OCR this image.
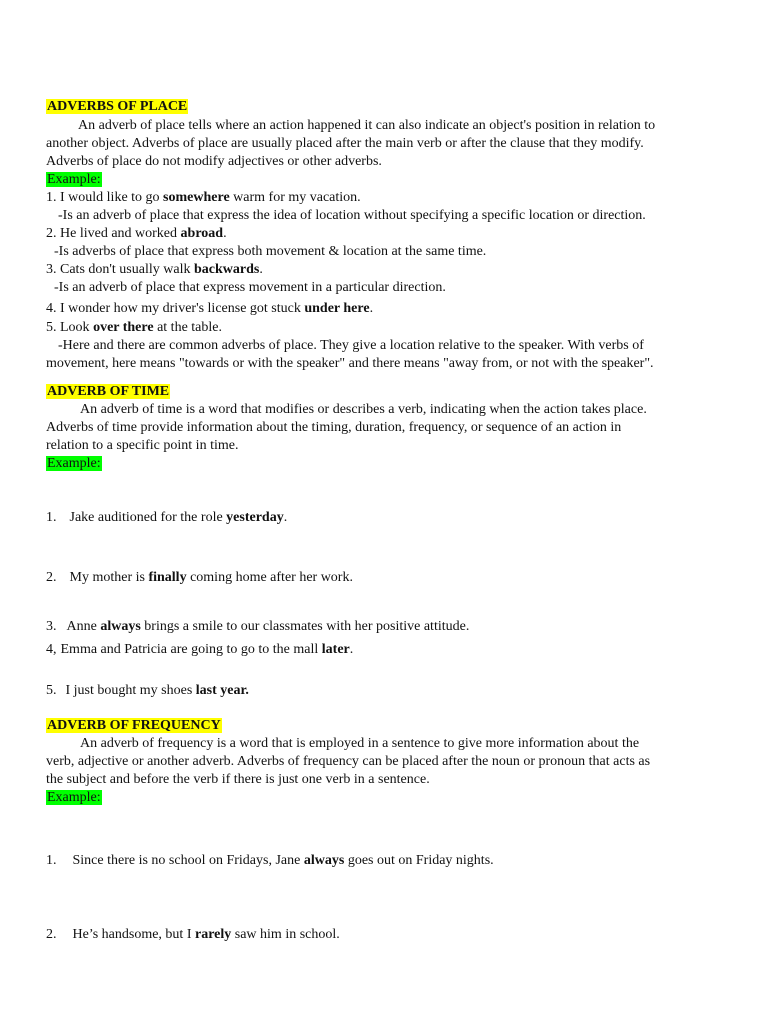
ADVERBS OF PLACE
An adverb of place tells where an action happened it can also indicate an object's position in relation to
another object. Adverbs of place are usually placed after the main verb or after the clause that they modify.
Adverbs of place do not modify adjectives or other adverbs.
Example:
1. I would like to go somewhere warm for my vacation.
-Is an adverb of place that express the idea of location without specifying a specific location or direction.
2. He lived and worked abroad.
-Is adverbs of place that express both movement & location at the same time.
3. Cats don't usually walk backwards.
-Is an adverb of place that express movement in a particular direction.
4. I wonder how my driver's license got stuck under here.
5. Look over there at the table.
-Here and there are common adverbs of place. They give a location relative to the speaker. With verbs of
movement, here means "towards or with the speaker" and there means "away from, or not with the speaker".
ADVERB OF TIME
An adverb of time is a word that modifies or describes a verb, indicating when the action takes place.
Adverbs of time provide information about the timing, duration, frequency, or sequence of an action in
relation to a specific point in time.
Example:
1. Jake auditioned for the role yesterday.
2. My mother is finally coming home after her work.
3. Anne always brings a smile to our classmates with her positive attitude.
4, Emma and Patricia are going to go to the mall later.
5. I just bought my shoes last year.
ADVERB OF FREQUENCY
An adverb of frequency is a word that is employed in a sentence to give more information about the
verb, adjective or another adverb. Adverbs of frequency can be placed after the noun or pronoun that acts as
the subject and before the verb if there is just one verb in a sentence.
Example:
1. Since there is no school on Fridays, Jane always goes out on Friday nights.
2. He’s handsome, but I rarely saw him in school.
